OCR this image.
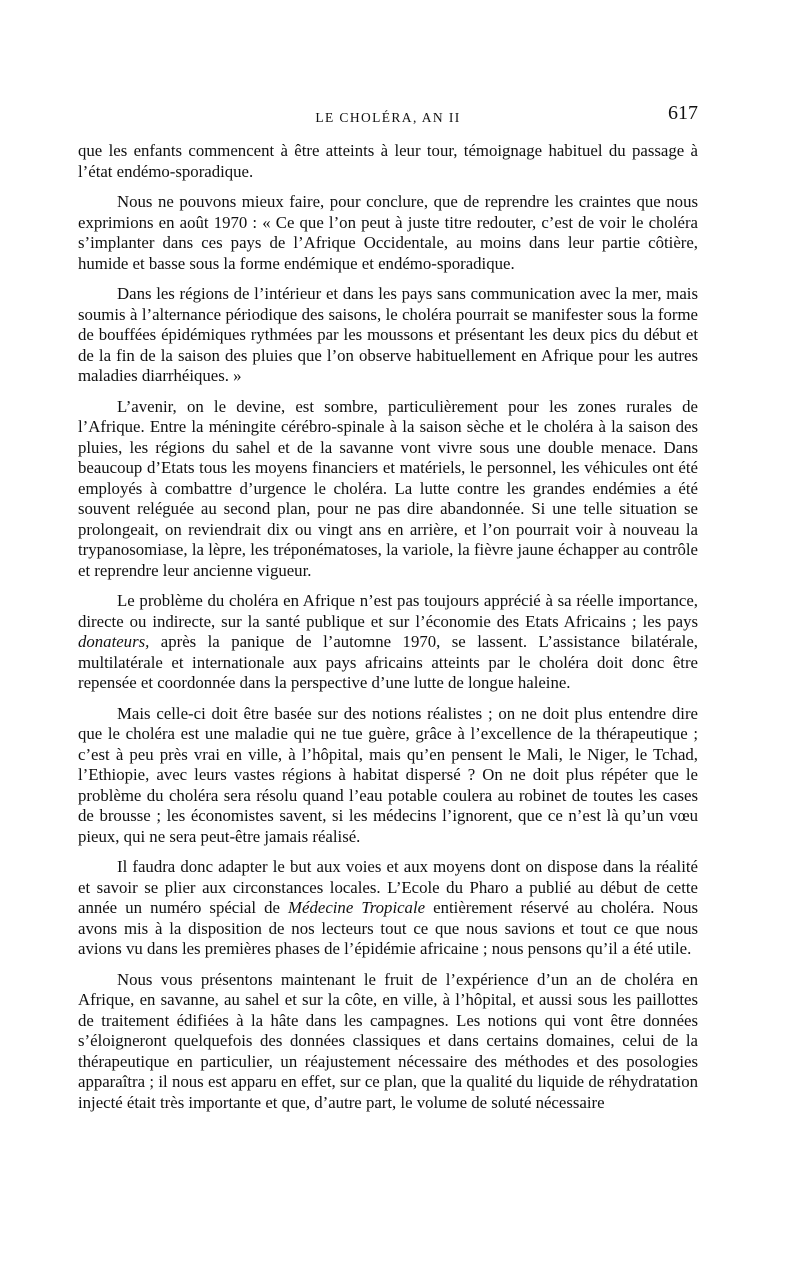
LE CHOLÉRA, AN II	617

que les enfants commencent à être atteints à leur tour, témoignage habituel du passage à l’état endémo-sporadique.

Nous ne pouvons mieux faire, pour conclure, que de reprendre les craintes que nous exprimions en août 1970 : « Ce que l’on peut à juste titre redouter, c’est de voir le choléra s’implanter dans ces pays de l’Afrique Occidentale, au moins dans leur partie côtière, humide et basse sous la forme endémique et endémo-sporadique.

Dans les régions de l’intérieur et dans les pays sans communication avec la mer, mais soumis à l’alternance périodique des saisons, le choléra pourrait se manifester sous la forme de bouffées épidémiques rythmées par les moussons et présentant les deux pics du début et de la fin de la saison des pluies que l’on observe habituellement en Afrique pour les autres maladies diarrhéiques. »

L’avenir, on le devine, est sombre, particulièrement pour les zones rurales de l’Afrique. Entre la méningite cérébro-spinale à la saison sèche et le choléra à la saison des pluies, les régions du sahel et de la savanne vont vivre sous une double menace. Dans beaucoup d’Etats tous les moyens financiers et matériels, le personnel, les véhicules ont été employés à combattre d’urgence le choléra. La lutte contre les grandes endémies a été souvent reléguée au second plan, pour ne pas dire abandonnée. Si une telle situation se prolongeait, on reviendrait dix ou vingt ans en arrière, et l’on pourrait voir à nouveau la trypanosomiase, la lèpre, les tréponématoses, la variole, la fièvre jaune échapper au contrôle et reprendre leur ancienne vigueur.

Le problème du choléra en Afrique n’est pas toujours apprécié à sa réelle importance, directe ou indirecte, sur la santé publique et sur l’économie des Etats Africains ; les pays donateurs, après la panique de l’automne 1970, se lassent. L’assistance bilatérale, multilatérale et internationale aux pays africains atteints par le choléra doit donc être repensée et coordonnée dans la perspective d’une lutte de longue haleine.

Mais celle-ci doit être basée sur des notions réalistes ; on ne doit plus entendre dire que le choléra est une maladie qui ne tue guère, grâce à l’excellence de la thérapeutique ; c’est à peu près vrai en ville, à l’hôpital, mais qu’en pensent le Mali, le Niger, le Tchad, l’Ethiopie, avec leurs vastes régions à habitat dispersé ? On ne doit plus répéter que le problème du choléra sera résolu quand l’eau potable coulera au robinet de toutes les cases de brousse ; les économistes savent, si les médecins l’ignorent, que ce n’est là qu’un vœu pieux, qui ne sera peut-être jamais réalisé.

Il faudra donc adapter le but aux voies et aux moyens dont on dispose dans la réalité et savoir se plier aux circonstances locales. L’Ecole du Pharo a publié au début de cette année un numéro spécial de Médecine Tropicale entièrement réservé au choléra. Nous avons mis à la disposition de nos lecteurs tout ce que nous savions et tout ce que nous avions vu dans les premières phases de l’épidémie africaine ; nous pensons qu’il a été utile.

Nous vous présentons maintenant le fruit de l’expérience d’un an de choléra en Afrique, en savanne, au sahel et sur la côte, en ville, à l’hôpital, et aussi sous les paillottes de traitement édifiées à la hâte dans les campagnes. Les notions qui vont être données s’éloigneront quelquefois des données classiques et dans certains domaines, celui de la thérapeutique en particulier, un réajustement nécessaire des méthodes et des posologies apparaîtra ; il nous est apparu en effet, sur ce plan, que la qualité du liquide de réhydratation injecté était très importante et que, d’autre part, le volume de soluté nécessaire
